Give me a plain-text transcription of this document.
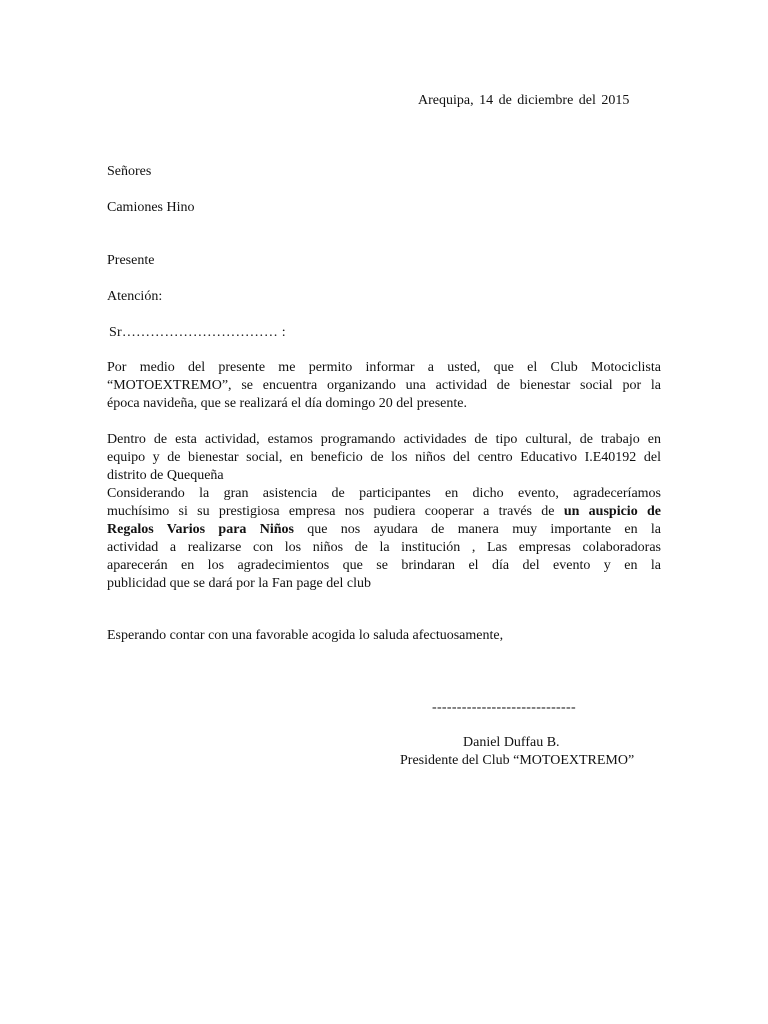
Arequipa, 14 de diciembre del 2015
Señores
Camiones Hino
Presente
Atención:
Sr…………………………… :
Por medio del presente me permito informar a usted, que el Club Motociclista
“MOTOEXTREMO”, se encuentra organizando una actividad de bienestar social por la
época navideña, que se realizará el día domingo 20 del presente.
Dentro de esta actividad, estamos programando actividades de tipo cultural, de trabajo en
equipo y de bienestar social, en beneficio de los niños del centro Educativo I.E40192 del
distrito de Quequeña
Considerando la gran asistencia de participantes en dicho evento, agradeceríamos
muchísimo si su prestigiosa empresa nos pudiera cooperar a través de un auspicio de
Regalos Varios para Niños que nos ayudara de manera muy importante en la
actividad a realizarse con los niños de la institución , Las empresas colaboradoras
aparecerán en los agradecimientos que se brindaran el día del evento y en la
publicidad que se dará por la Fan page del club
Esperando contar con una favorable acogida lo saluda afectuosamente,
-----------------------------
Daniel Duffau B.
Presidente del Club “MOTOEXTREMO”
